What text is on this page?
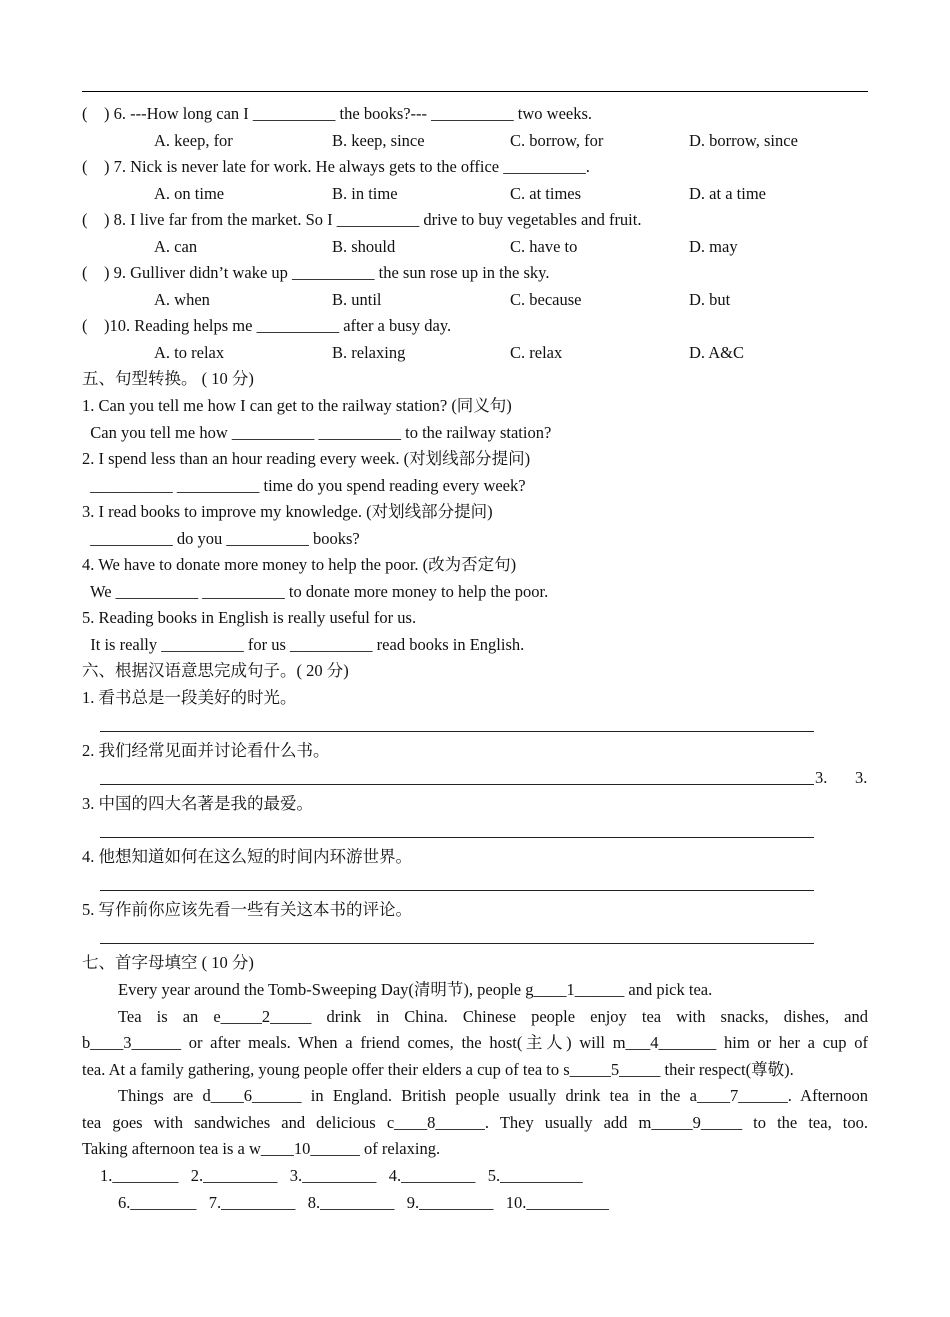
(    ) 6. ---How long can I __________ the books?--- __________ two weeks.
A. keep, for	B. keep, since	C. borrow, for	D. borrow, since
(    ) 7. Nick is never late for work. He always gets to the office __________.
A. on time	B. in time	C. at times	D. at a time
(    ) 8. I live far from the market. So I __________ drive to buy vegetables and fruit.
A. can	B. should	C. have to	D. may
(    ) 9. Gulliver didn’t wake up __________ the sun rose up in the sky.
A. when	B. until	C. because	D. but
(    )10. Reading helps me __________ after a busy day.
A. to relax	B. relaxing	C. relax	D. A&C
五、句型转换。 ( 10 分)
1. Can you tell me how I can get to the railway station? (同义句)
Can you tell me how __________ __________ to the railway station?
2. I spend less than an hour reading every week. (对划线部分提问)
__________ __________ time do you spend reading every week?
3. I read books to improve my knowledge. (对划线部分提问)
__________ do you __________ books?
4. We have to donate more money to help the poor. (改为否定句)
We __________ __________ to donate more money to help the poor.
5. Reading books in English is really useful for us.
It is really __________ for us __________ read books in English.
六、根据汉语意思完成句子。( 20 分)
1. 看书总是一段美好的时光。
2. 我们经常见面并讨论看什么书。
3. 3.
3. 中国的四大名著是我的最爱。
4. 他想知道如何在这么短的时间内环游世界。
5. 写作前你应该先看一些有关这本书的评论。
七、首字母填空 ( 10 分)
Every year around the Tomb-Sweeping Day(清明节), people g____1______ and pick tea.
Tea is an e_____2_____ drink in China. Chinese people enjoy tea with snacks, dishes, and
b____3______ or after meals. When a friend comes, the host(主人) will m___4_______ him or her a cup of
tea. At a family gathering, young people offer their elders a cup of tea to s_____5_____ their respect(尊敬).
Things are d____6______ in England. British people usually drink tea in the a____7______. Afternoon
tea goes with sandwiches and delicious c____8______. They usually add m_____9_____ to the tea, too.
Taking afternoon tea is a w____10______ of relaxing.
1.________   2._________   3._________   4._________   5.__________
6.________   7._________   8._________   9._________   10.__________
